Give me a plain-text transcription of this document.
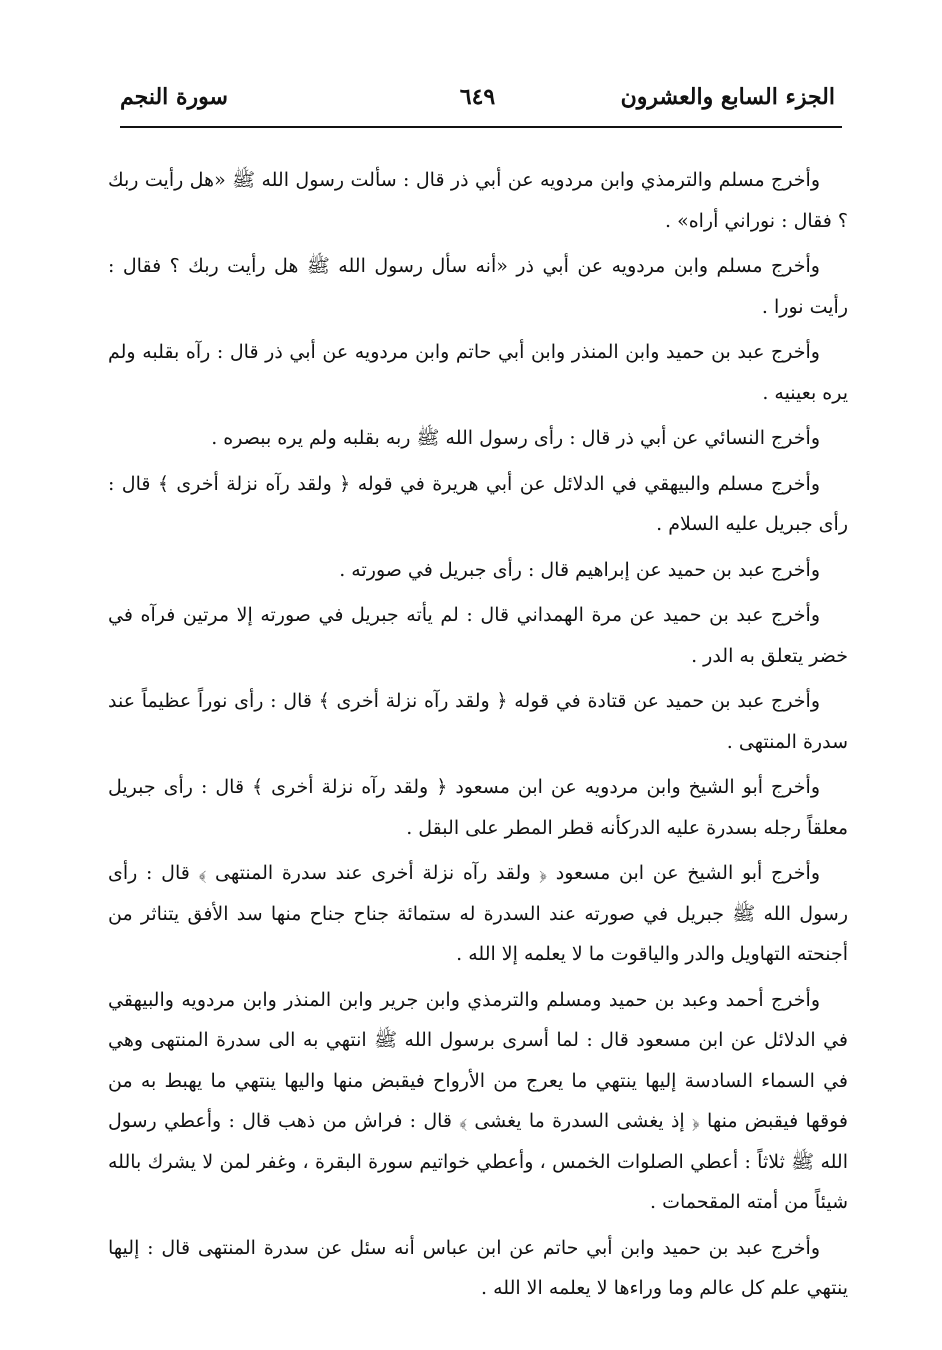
الجزء السابع والعشرون
٦٤٩
سورة النجم

وأخرج مسلم والترمذي وابن مردويه عن أبي ذر قال : سألت رسول الله ﷺ «هل رأيت ربك ؟ فقال : نوراني أراه» .

وأخرج مسلم وابن مردويه عن أبي ذر «أنه سأل رسول الله ﷺ هل رأيت ربك ؟ فقال : رأيت نورا .

وأخرج عبد بن حميد وابن المنذر وابن أبي حاتم وابن مردويه عن أبي ذر قال : رآه بقلبه ولم يره بعينيه .

وأخرج النسائي عن أبي ذر قال : رأى رسول الله ﷺ ربه بقلبه ولم يره ببصره .

وأخرج مسلم والبيهقي في الدلائل عن أبي هريرة في قوله ﴿ ولقد رآه نزلة أخرى ﴾ قال : رأى جبريل عليه السلام .

وأخرج عبد بن حميد عن إبراهيم قال : رأى جبريل في صورته .

وأخرج عبد بن حميد عن مرة الهمداني قال : لم يأته جبريل في صورته إلا مرتين فرآه في خضر يتعلق به الدر .

وأخرج عبد بن حميد عن قتادة في قوله ﴿ ولقد رآه نزلة أخرى ﴾ قال : رأى نوراً عظيماً عند سدرة المنتهى .

وأخرج أبو الشيخ وابن مردويه عن ابن مسعود ﴿ ولقد رآه نزلة أخرى ﴾ قال : رأى جبريل معلقاً رجله بسدرة عليه الدركأنه قطر المطر على البقل .

وأخرج أبو الشيخ عن ابن مسعود ﴿ ولقد رآه نزلة أخرى عند سدرة المنتهى ﴾ قال : رأى رسول الله ﷺ جبريل في صورته عند السدرة له ستمائة جناح جناح منها سد الأفق يتناثر من أجنحته التهاويل والدر والياقوت ما لا يعلمه إلا الله .

وأخرج أحمد وعبد بن حميد ومسلم والترمذي وابن جرير وابن المنذر وابن مردويه والبيهقي في الدلائل عن ابن مسعود قال : لما أسرى برسول الله ﷺ انتهي به الى سدرة المنتهى وهي في السماء السادسة إليها ينتهي ما يعرج من الأرواح فيقبض منها واليها ينتهي ما يهبط به من فوقها فيقبض منها ﴿ إذ يغشى السدرة ما يغشى ﴾ قال : فراش من ذهب قال : وأعطي رسول الله ﷺ ثلاثاً : أعطي الصلوات الخمس ، وأعطي خواتيم سورة البقرة ، وغفر لمن لا يشرك بالله شيئاً من أمته المقحمات .

وأخرج عبد بن حميد وابن أبي حاتم عن ابن عباس أنه سئل عن سدرة المنتهى قال : إليها ينتهي علم كل عالم وما وراءها لا يعلمه الا الله .
